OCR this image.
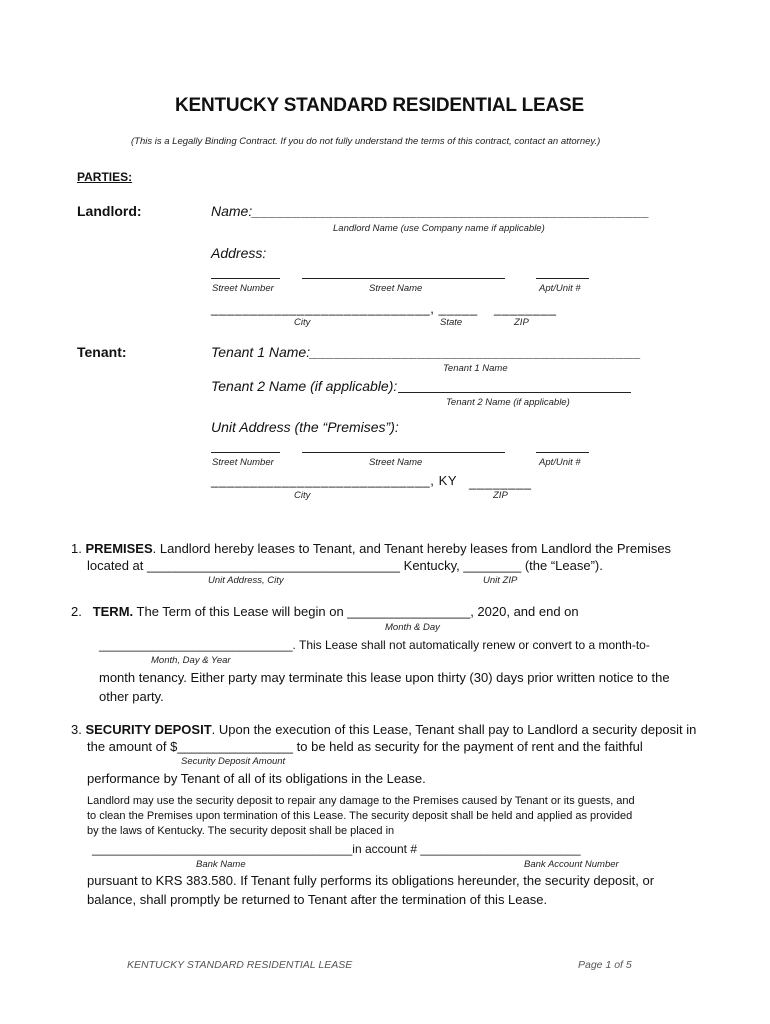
KENTUCKY STANDARD RESIDENTIAL LEASE
(This is a Legally Binding Contract. If you do not fully understand the terms of this contract, contact an attorney.)
PARTIES:
Landlord:	Name:________________________________________________
Landlord Name (use Company name if applicable)
Address:
Street Number	Street Name	Apt/Unit #
____________________________, _____ ________
City	State	ZIP
Tenant:	Tenant 1 Name:________________________________________
Tenant 1 Name
Tenant 2 Name (if applicable):
Tenant 2 Name (if applicable)
Unit Address (the “Premises”):
Street Number	Street Name	Apt/Unit #
____________________________, KY ________
City	ZIP
1. PREMISES. Landlord hereby leases to Tenant, and Tenant hereby leases from Landlord the Premises
located at ___________________________________ Kentucky, ________ (the “Lease”).
Unit Address, City	Unit ZIP
2. TERM. The Term of this Lease will begin on _________________, 2020, and end on
Month & Day
_____________________________. This Lease shall not automatically renew or convert to a month-to-
Month, Day & Year
month tenancy. Either party may terminate this lease upon thirty (30) days prior written notice to the
other party.
3. SECURITY DEPOSIT. Upon the execution of this Lease, Tenant shall pay to Landlord a security deposit in
the amount of $________________ to be held as security for the payment of rent and the faithful
Security Deposit Amount
performance by Tenant of all of its obligations in the Lease.
Landlord may use the security deposit to repair any damage to the Premises caused by Tenant or its guests, and
to clean the Premises upon termination of this Lease. The security deposit shall be held and applied as provided
by the laws of Kentucky. The security deposit shall be placed in
_______________________________________in account # ________________________
Bank Name	Bank Account Number
pursuant to KRS 383.580. If Tenant fully performs its obligations hereunder, the security deposit, or
balance, shall promptly be returned to Tenant after the termination of this Lease.
KENTUCKY STANDARD RESIDENTIAL LEASE	Page 1 of 5
